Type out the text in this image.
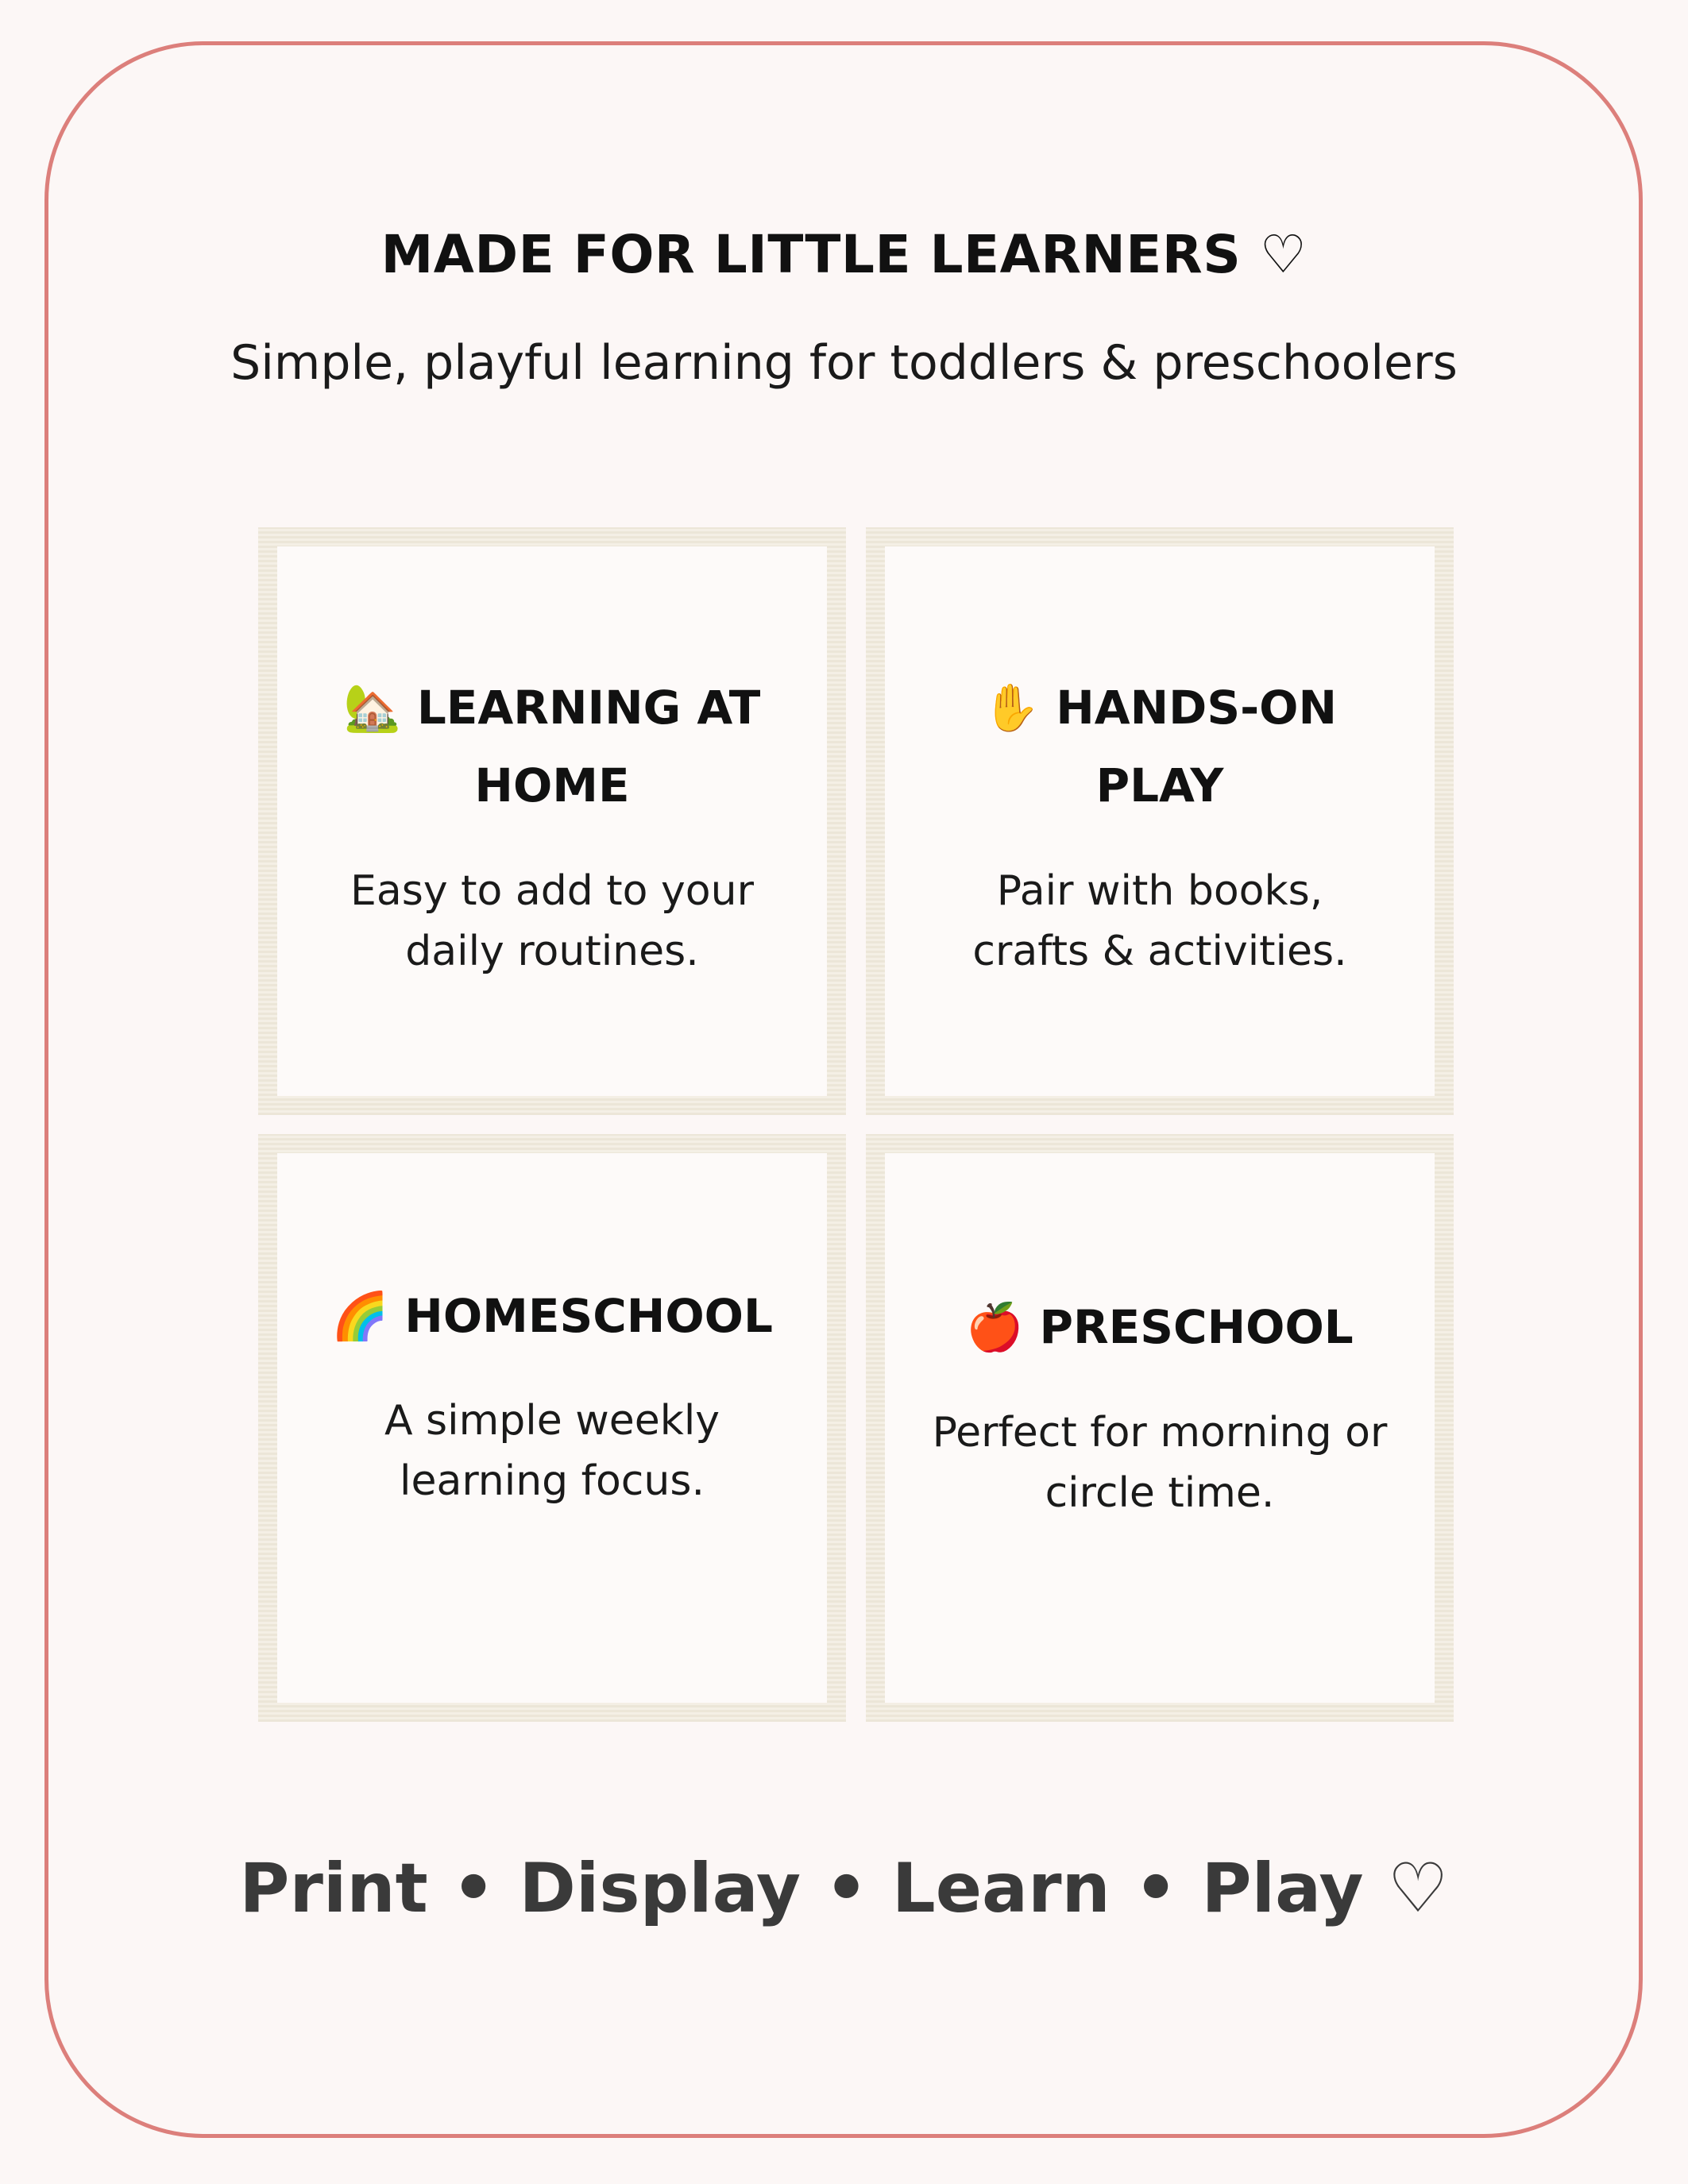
MADE FOR LITTLE LEARNERS ♡
Simple, playful learning for toddlers & preschoolers
🏡 LEARNING AT
HOME
Easy to add to your
daily routines.
✋ HANDS-ON
PLAY
Pair with books,
crafts & activities.
🌈 HOMESCHOOL
A simple weekly
learning focus.
🍎 PRESCHOOL
Perfect for morning or
circle time.
Print • Display • Learn • Play ♡
